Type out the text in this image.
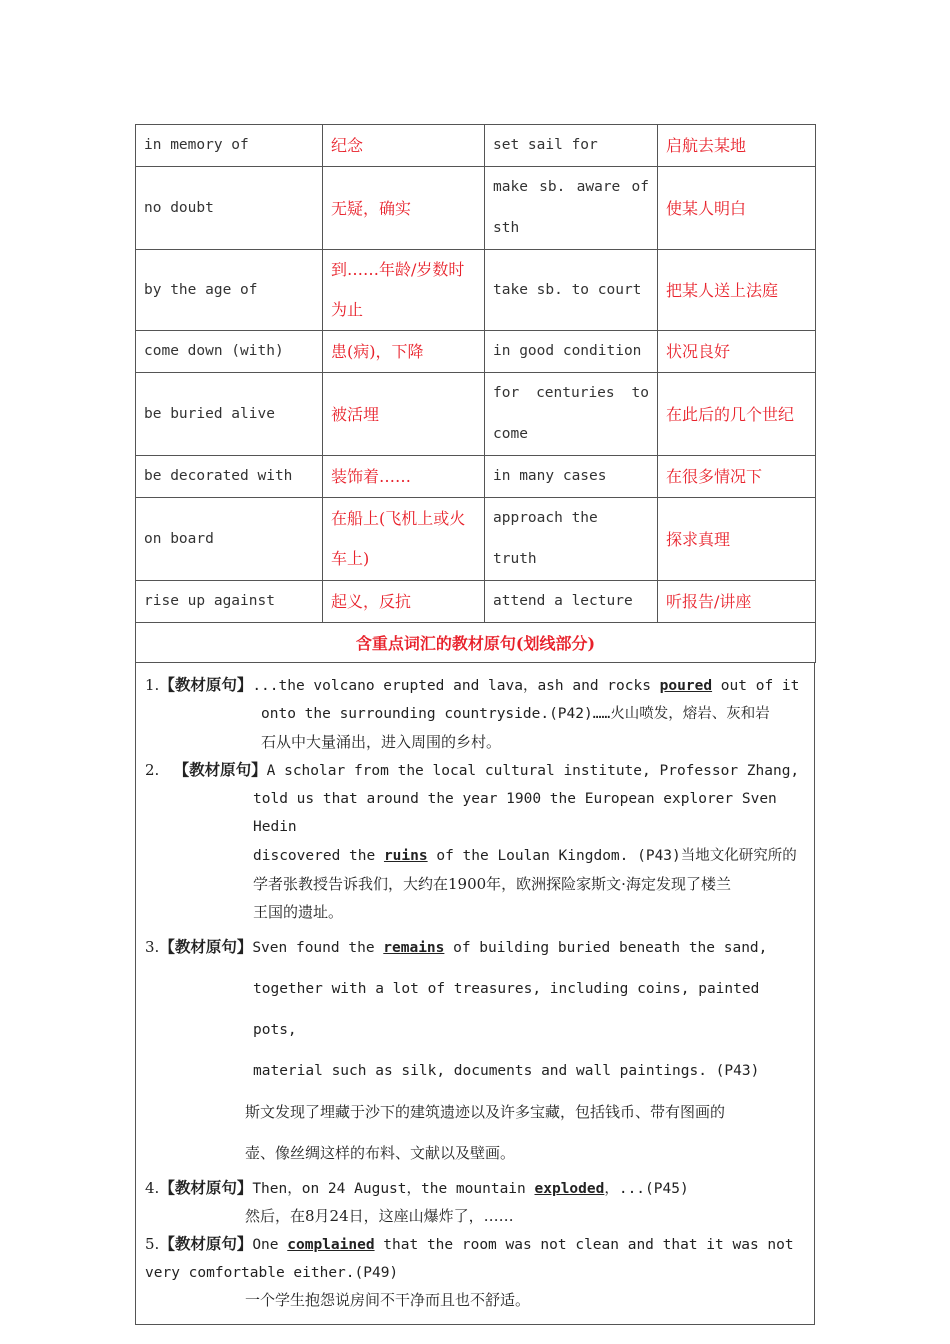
in memory of	纪念	set sail for	启航去某地
no doubt	无疑，确实	make sb. aware of sth	使某人明白
by the age of	到……年龄/岁数时为止	take sb. to court	把某人送上法庭
come down (with)	患(病)，下降	in good condition	状况良好
be buried alive	被活埋	for centuries to come	在此后的几个世纪
be decorated with	装饰着……	in many cases	在很多情况下
on board	在船上(飞机上或火车上)	approach the truth	探求真理
rise up against	起义，反抗	attend a lecture	听报告/讲座
含重点词汇的教材原句(划线部分)			

1.【教材原句】...the volcano erupted and lava，ash and rocks poured out of it

onto the surrounding countryside.(P42)……火山喷发，熔岩、灰和岩

石从中大量涌出，进入周围的乡村。

2. 【教材原句】A scholar from the local cultural institute, Professor Zhang,

told us that around the year 1900 the European explorer Sven Hedin

discovered the ruins of the Loulan Kingdom. (P43)当地文化研究所的

学者张教授告诉我们，大约在1900年，欧洲探险家斯文·海定发现了楼兰

王国的遗址。

3.【教材原句】Sven found the remains of building buried beneath the sand,

together with a lot of treasures, including coins, painted pots,

material such as silk, documents and wall paintings. (P43)

斯文发现了埋藏于沙下的建筑遗迹以及许多宝藏，包括钱币、带有图画的

壶、像丝绸这样的布料、文献以及壁画。

4.【教材原句】Then，on 24 August，the mountain exploded，...(P45)

然后，在8月24日，这座山爆炸了，……

5.【教材原句】One complained that the room was not clean and that it was not

very comfortable either.(P49)

一个学生抱怨说房间不干净而且也不舒适。
